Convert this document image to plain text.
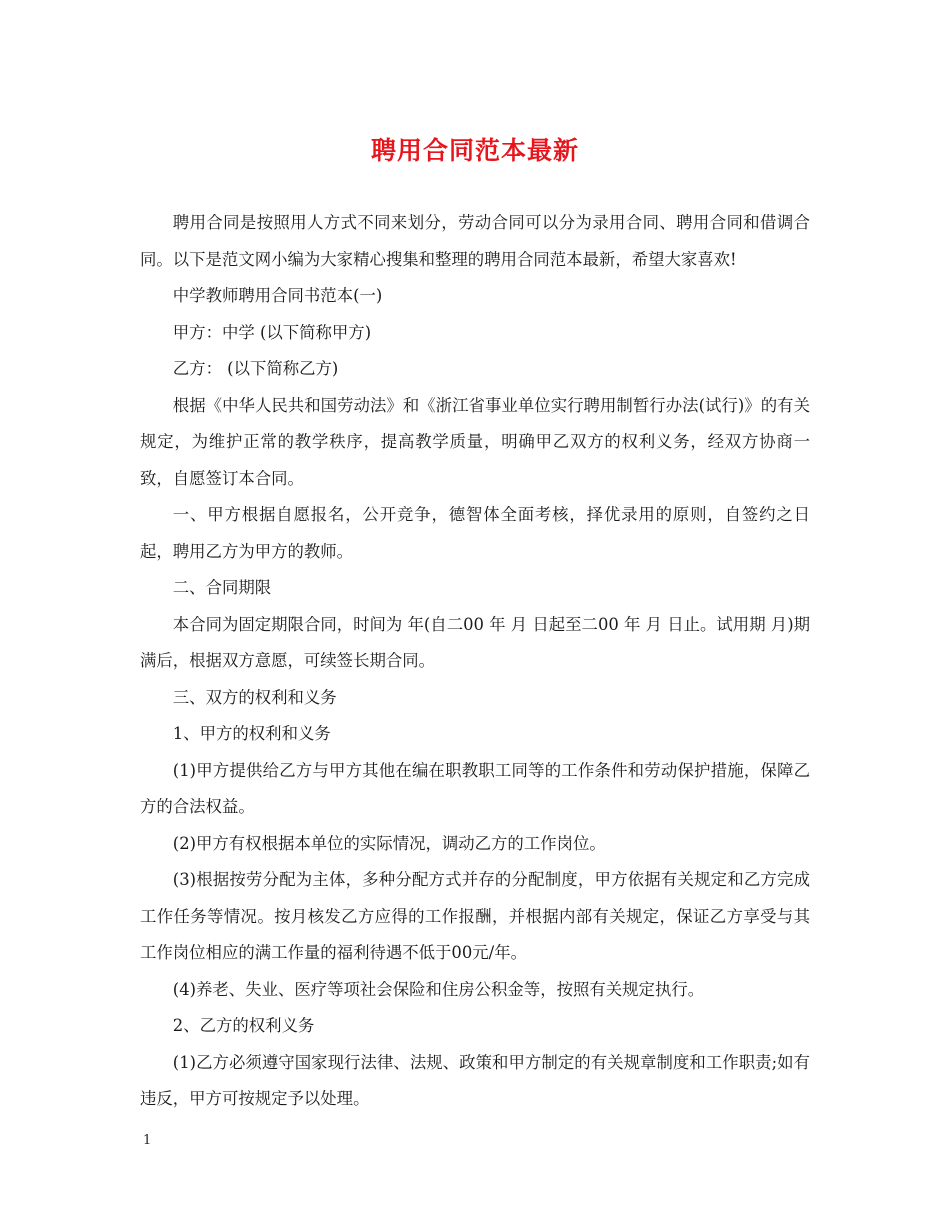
聘用合同范本最新

聘用合同是按照用人方式不同来划分，劳动合同可以分为录用合同、聘用合同和借调合同。以下是范文网小编为大家精心搜集和整理的聘用合同范本最新，希望大家喜欢!

中学教师聘用合同书范本(一)

甲方：中学 (以下简称甲方)

乙方： (以下简称乙方)

根据《中华人民共和国劳动法》和《浙江省事业单位实行聘用制暂行办法(试行)》的有关规定，为维护正常的教学秩序，提高教学质量，明确甲乙双方的权利义务，经双方协商一致，自愿签订本合同。

一、甲方根据自愿报名，公开竞争，德智体全面考核，择优录用的原则，自签约之日起，聘用乙方为甲方的教师。

二、合同期限

本合同为固定期限合同，时间为 年(自二00 年 月 日起至二00 年 月 日止。试用期 月)期满后，根据双方意愿，可续签长期合同。

三、双方的权利和义务

1、甲方的权利和义务

(1)甲方提供给乙方与甲方其他在编在职教职工同等的工作条件和劳动保护措施，保障乙方的合法权益。

(2)甲方有权根据本单位的实际情况，调动乙方的工作岗位。

(3)根据按劳分配为主体，多种分配方式并存的分配制度，甲方依据有关规定和乙方完成工作任务等情况。按月核发乙方应得的工作报酬，并根据内部有关规定，保证乙方享受与其工作岗位相应的满工作量的福利待遇不低于00元/年。

(4)养老、失业、医疗等项社会保险和住房公积金等，按照有关规定执行。

2、乙方的权利义务

(1)乙方必须遵守国家现行法律、法规、政策和甲方制定的有关规章制度和工作职责;如有违反，甲方可按规定予以处理。

1
